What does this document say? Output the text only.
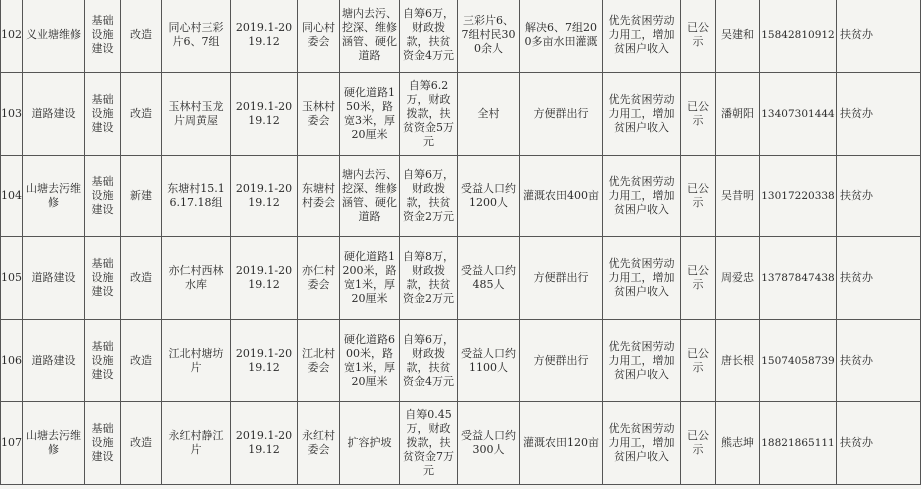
102	义业塘维修	基础设施建设	改造	同心村三彩片6、7组	2019.1-2019.12	同心村委会	塘内去污、挖深、维修涵管、硬化道路	自筹6万，财政拨款，扶贫资金4万元	三彩片6、7组村民300余人	解决6、7组200多亩水田灌溉	优先贫困劳动力用工，增加贫困户收入	已公示	吴建和	15842810912	扶贫办
103	道路建设	基础设施建设	改造	玉林村玉龙片周黄屋	2019.1-2019.12	玉林村委会	硬化道路150米，路宽3米，厚20厘米	自筹6.2万，财政拨款，扶贫资金5万元	全村	方便群出行	优先贫困劳动力用工，增加贫困户收入	已公示	潘朝阳	13407301444	扶贫办
104	山塘去污维修	基础设施建设	新建	东塘村15.16.17.18组	2019.1-2019.12	东塘村村委会	塘内去污、挖深、维修涵管、硬化道路	自筹6万，财政拨款，扶贫资金2万元	受益人口约1200人	灌溉农田400亩	优先贫困劳动力用工，增加贫困户收入	已公示	吴昔明	13017220338	扶贫办
105	道路建设	基础设施建设	改造	亦仁村西林水库	2019.1-2019.12	亦仁村委会	硬化道路1200米，路宽1米，厚20厘米	自筹8万，财政拨款，扶贫资金2万元	受益人口约485人	方便群出行	优先贫困劳动力用工，增加贫困户收入	已公示	周爱忠	13787847438	扶贫办
106	道路建设	基础设施建设	改造	江北村塘坊片	2019.1-2019.12	江北村委会	硬化道路600米，路宽1米，厚20厘米	自筹6万，财政拨款，扶贫资金4万元	受益人口约1100人	方便群出行	优先贫困劳动力用工，增加贫困户收入	已公示	唐长根	15074058739	扶贫办
107	山塘去污维修	基础设施建设	改造	永红村静江片	2019.1-2019.12	永红村委会	扩容护坡	自筹0.45万，财政拨款，扶贫资金7万元	受益人口约300人	灌溉农田120亩	优先贫困劳动力用工，增加贫困户收入	已公示	熊志坤	18821865111	扶贫办
